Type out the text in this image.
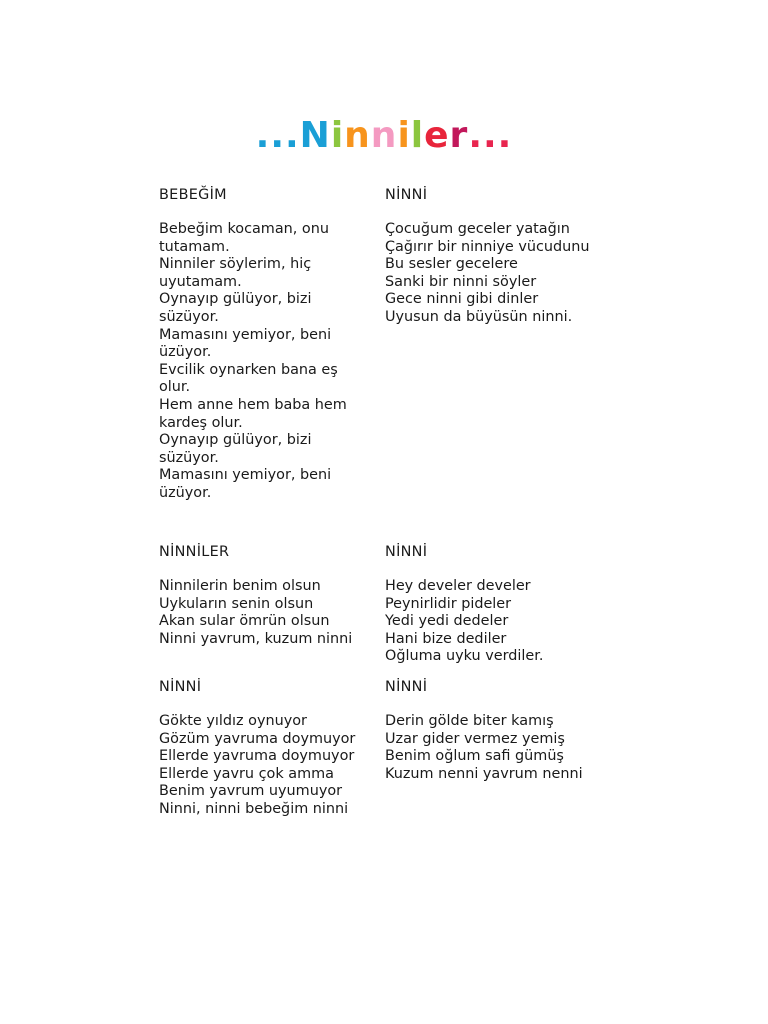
...Ninniler...
BEBEĞİM
Bebeğim kocaman, onu tutamam.
Ninniler söylerim, hiç uyutamam.
Oynayıp gülüyor, bizi süzüyor.
Mamasını yemiyor, beni üzüyor.
Evcilik oynarken bana eş olur.
Hem anne hem baba hem kardeş olur.
Oynayıp gülüyor, bizi süzüyor.
Mamasını yemiyor, beni üzüyor.
NİNNİ
Çocuğum geceler yatağın
Çağırır bir ninniye vücudunu
Bu sesler gecelere
Sanki bir ninni söyler
Gece ninni gibi dinler
Uyusun da büyüsün ninni.
NİNNİLER
Ninnilerin benim olsun
Uykuların senin olsun
Akan sular ömrün olsun
Ninni yavrum, kuzum ninni
NİNNİ
Hey develer develer
Peynirlidir pideler
Yedi yedi dedeler
Hani bize dediler
Oğluma uyku verdiler.
NİNNİ
Gökte yıldız oynuyor
Gözüm yavruma doymuyor
Ellerde yavruma doymuyor
Ellerde yavru çok amma
Benim yavrum uyumuyor
Ninni, ninni bebeğim ninni
NİNNİ
Derin gölde biter kamış
Uzar gider vermez yemiş
Benim oğlum safi gümüş
Kuzum nenni yavrum nenni
